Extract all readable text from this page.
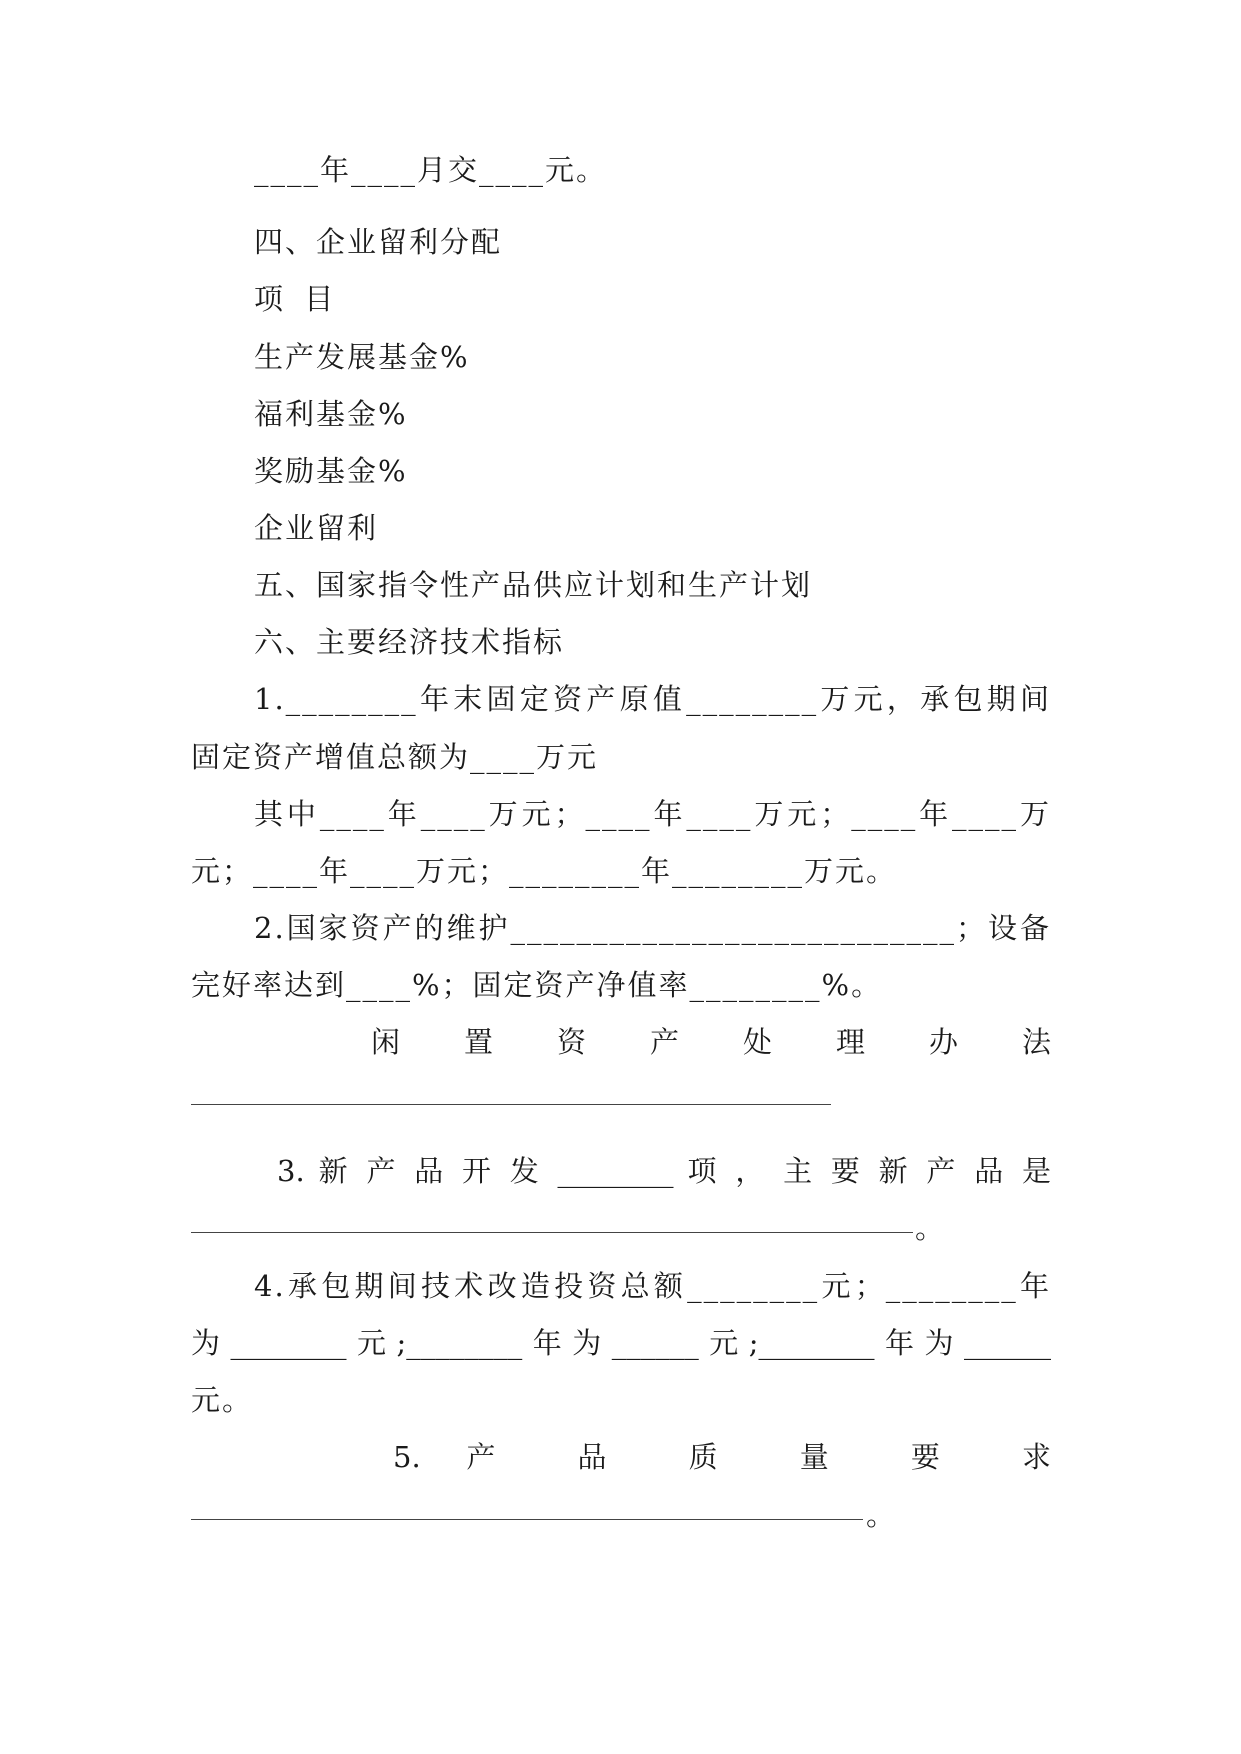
____年____月交____元。
四、企业留利分配
项 目
生产发展基金%
福利基金%
奖励基金%
企业留利
五、国家指令性产品供应计划和生产计划
六、主要经济技术指标
1.________年末固定资产原值________万元，承包期间
固定资产增值总额为____万元
其中____年____万元；____年____万元；____年____万
元；____年____万元；________年________万元。
2.国家资产的维护___________________________；设备
完好率达到____%；固定资产净值率________%。
闲 置 资 产 处 理 办 法
3. 新 产 品 开 发 ________ 项 ， 主 要 新 产 品 是
。
4.承包期间技术改造投资总额________元；________年
为________元;________年为______元;________年为______
元。
5. 产 品 质 量 要 求
。
